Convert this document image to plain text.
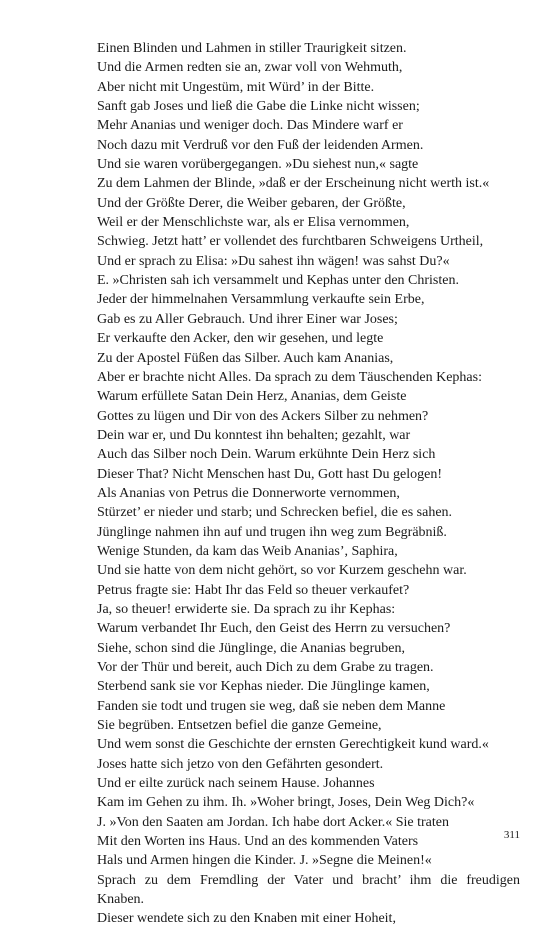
Einen Blinden und Lahmen in stiller Traurigkeit sitzen.
Und die Armen redten sie an, zwar voll von Wehmuth,
Aber nicht mit Ungestüm, mit Würd’ in der Bitte.
Sanft gab Joses und ließ die Gabe die Linke nicht wissen;
Mehr Ananias und weniger doch. Das Mindere warf er
Noch dazu mit Verdruß vor den Fuß der leidenden Armen.
Und sie waren vorübergegangen. »Du siehest nun,« sagte
Zu dem Lahmen der Blinde, »daß er der Erscheinung nicht werth ist.«
Und der Größte Derer, die Weiber gebaren, der Größte,
Weil er der Menschlichste war, als er Elisa vernommen,
Schwieg. Jetzt hatt’ er vollendet des furchtbaren Schweigens Urtheil,
Und er sprach zu Elisa: »Du sahest ihn wägen! was sahst Du?«
E. »Christen sah ich versammelt und Kephas unter den Christen.
Jeder der himmelnahen Versammlung verkaufte sein Erbe,
Gab es zu Aller Gebrauch. Und ihrer Einer war Joses;
Er verkaufte den Acker, den wir gesehen, und legte
Zu der Apostel Füßen das Silber. Auch kam Ananias,
Aber er brachte nicht Alles. Da sprach zu dem Täuschenden Kephas:
Warum erfüllete Satan Dein Herz, Ananias, dem Geiste
Gottes zu lügen und Dir von des Ackers Silber zu nehmen?
Dein war er, und Du konntest ihn behalten; gezahlt, war
Auch das Silber noch Dein. Warum erkühnte Dein Herz sich
Dieser That? Nicht Menschen hast Du, Gott hast Du gelogen!
Als Ananias von Petrus die Donnerworte vernommen,
Stürzet’ er nieder und starb; und Schrecken befiel, die es sahen.
Jünglinge nahmen ihn auf und trugen ihn weg zum Begräbniß.
Wenige Stunden, da kam das Weib Ananias’, Saphira,
Und sie hatte von dem nicht gehört, so vor Kurzem geschehn war.
Petrus fragte sie: Habt Ihr das Feld so theuer verkaufet?
Ja, so theuer! erwiderte sie. Da sprach zu ihr Kephas:
Warum verbandet Ihr Euch, den Geist des Herrn zu versuchen?
Siehe, schon sind die Jünglinge, die Ananias begruben,
Vor der Thür und bereit, auch Dich zu dem Grabe zu tragen.
Sterbend sank sie vor Kephas nieder. Die Jünglinge kamen,
Fanden sie todt und trugen sie weg, daß sie neben dem Manne
Sie begrüben. Entsetzen befiel die ganze Gemeine,
Und wem sonst die Geschichte der ernsten Gerechtigkeit kund ward.«
Joses hatte sich jetzo von den Gefährten gesondert.
Und er eilte zurück nach seinem Hause. Johannes
Kam im Gehen zu ihm. Ih. »Woher bringt, Joses, Dein Weg Dich?«
J. »Von den Saaten am Jordan. Ich habe dort Acker.« Sie traten
Mit den Worten ins Haus. Und an des kommenden Vaters
Hals und Armen hingen die Kinder. J. »Segne die Meinen!«
Sprach zu dem Fremdling der Vater und bracht’ ihm die freudigen
Knaben.
Dieser wendete sich zu den Knaben mit einer Hoheit,
311
